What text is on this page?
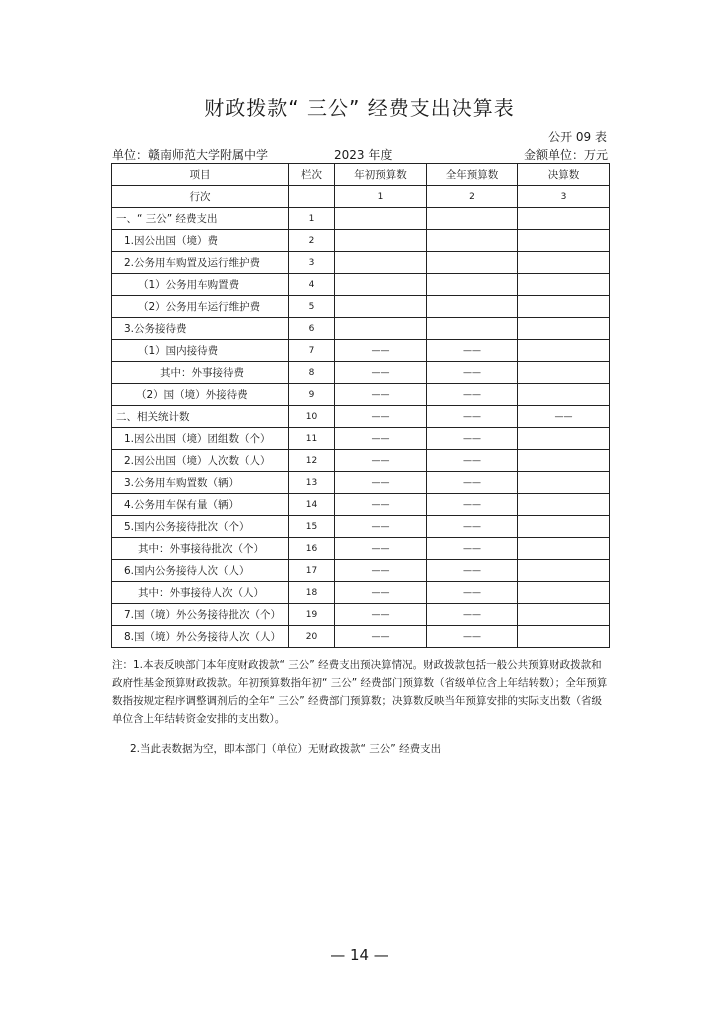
财政拨款“ 三公” 经费支出决算表
公开 09 表
单位：赣南师范大学附属中学	2023 年度	金额单位：万元
项目	栏次	年初预算数	全年预算数	决算数
行次		1	2	3
一、“ 三公” 经费支出	1			
1.因公出国（境）费	2			
2.公务用车购置及运行维护费	3			
（1）公务用车购置费	4			
（2）公务用车运行维护费	5			
3.公务接待费	6			
（1）国内接待费	7	——	——	
其中：外事接待费	8	——	——	
（2）国（境）外接待费	9	——	——	
二、相关统计数	10	——	——	——
1.因公出国（境）团组数（个）	11	——	——	
2.因公出国（境）人次数（人）	12	——	——	
3.公务用车购置数（辆）	13	——	——	
4.公务用车保有量（辆）	14	——	——	
5.国内公务接待批次（个）	15	——	——	
其中：外事接待批次（个）	16	——	——	
6.国内公务接待人次（人）	17	——	——	
其中：外事接待人次（人）	18	——	——	
7.国（境）外公务接待批次（个）	19	——	——	
8.国（境）外公务接待人次（人）	20	——	——	
注：1.本表反映部门本年度财政拨款“ 三公” 经费支出预决算情况。财政拨款包括一般公共预算财政拨款和政府性基金预算财政拨款。年初预算数指年初“ 三公” 经费部门预算数（省级单位含上年结转数）；全年预算数指按规定程序调整调剂后的全年“ 三公” 经费部门预算数；决算数反映当年预算安排的实际支出数（省级单位含上年结转资金安排的支出数）。
2.当此表数据为空，即本部门（单位）无财政拨款“ 三公” 经费支出
— 14 —
